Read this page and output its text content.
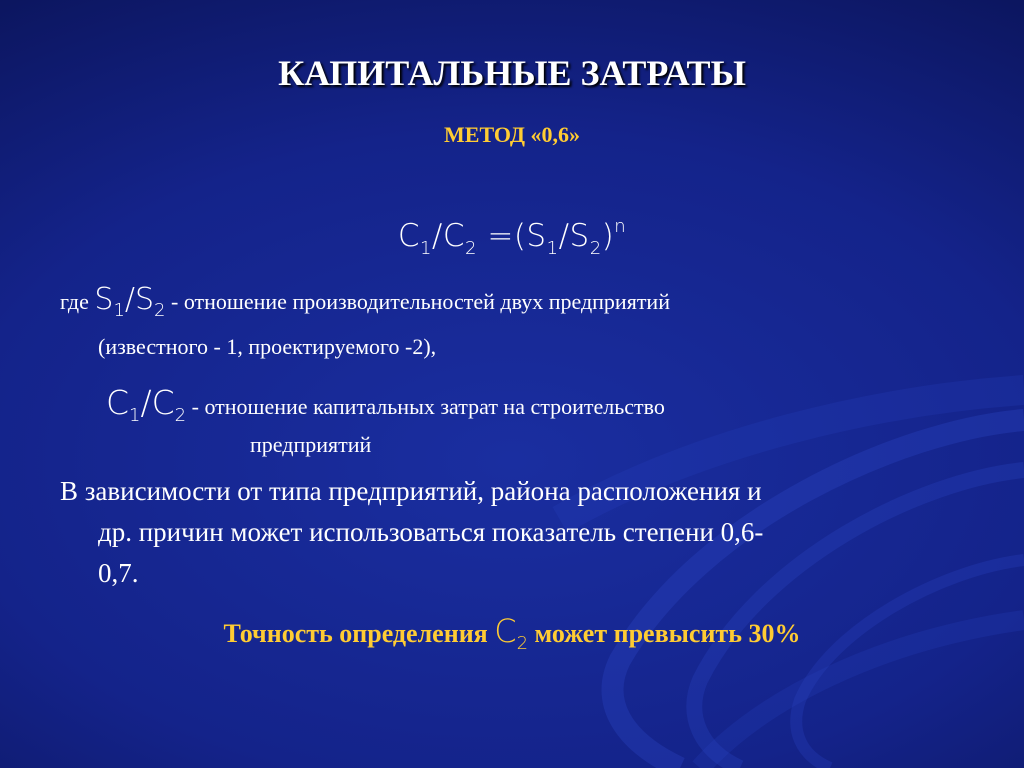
КАПИТАЛЬНЫЕ ЗАТРАТЫ
МЕТОД «0,6»
$C_1/C_2 =(S_1/S_2)^n$
где $S_1/S_2$ - отношение производительностей двух предприятий
(известного - 1, проектируемого -2),
$C_1/C_2$ - отношение капитальных затрат на строительство
предприятий
В зависимости от типа предприятий, района расположения и
др. причин может использоваться показатель степени 0,6-
0,7.
Точность определения $C_2$ может превысить 30%
